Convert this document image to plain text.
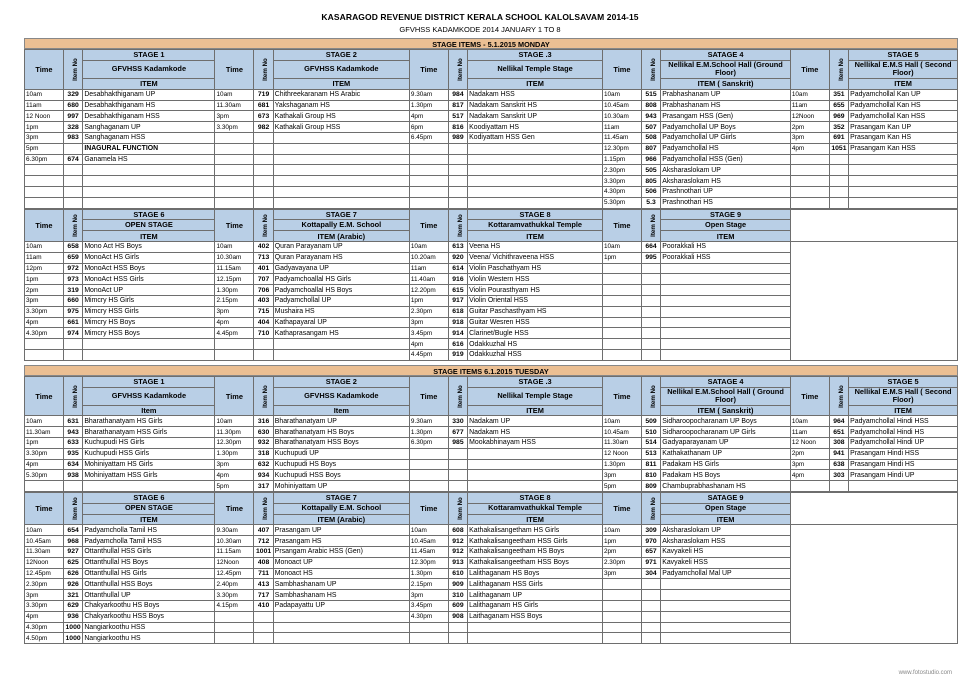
KASARAGOD REVENUE DISTRICT KERALA SCHOOL KALOLSAVAM 2014-15
GFVHSS KADAMKODE 2014 JANUARY 1 TO 8
STAGE ITEMS - 5.1.2015 MONDAY
Time	Item No	STAGE 1	Time	Item No	STAGE 2	Time	Item No	STAGE .3	Time	Item No	SATAGE 4	Time	Item No	STAGE 5
		GFVHSS Kadamkode			GFVHSS Kadamkode			Nellikal Temple Stage			Nellikal E.M.School Hall (Ground Floor)			Nellikal E.M.S Hall ( Second Floor)
		ITEM			ITEM			ITEM			ITEM ( Sanskrit)			ITEM
10am	329	Desabhakthiganam UP	10am	719	Chithreekaranam HS Arabic	9.30am	984	Nadakam HSS	10am	515	Prabhashanam UP	10am	351	Padyamchollal Kan UP
11am	680	Desabhakthiganam HS	11.30am	681	Yakshaganam HS	1.30pm	817	Nadakam Sanskrit HS	10.45am	808	Prabhashanam HS	11am	655	Padyamchollal Kan HS
12 Noon	997	Desabhakthiganam HSS	3pm	673	Kathakali Group HS	4pm	517	Nadakam Sanskrit UP	10.30am	943	Prasangam HSS (Gen)	12Noon	969	Padyamchollal Kan HSS
1pm	328	Sanghaganam UP	3.30pm	982	Kathakali Group HSS	6pm	816	Koodiyattam HS	11am	507	Padyamchollal UP Boys	2pm	352	Prasangam Kan UP
3pm	983	Sanghaganam HSS				6.45pm	989	Kodiyattam HSS Gen	11.45am	508	Padyamchollal UP Giirls	3pm	691	Prasangam Kan HS
5pm		INAGURAL FUNCTION							12.30pm	807	Padyamchollal HS	4pm	1051	Prasangam Kan HSS
6.30pm	674	Ganamela HS							1.15pm	966	Padyamchollal HSS (Gen)			
									2.30pm	505	Aksharaslokam UP			
									3.30pm	805	Aksharaslokam HS			
									4.30pm	506	Prashnothari UP			
									5.30pm	5.3	Prashnothari HS			
Time	Item No	STAGE 6	Time	Item No	STAGE 7	Time	Item No	STAGE 8	Time	Item No	STAGE 9	
		OPEN STAGE			Kottapally E.M. School			Kottaramvathukkal Temple			Open Stage	
		ITEM			ITEM (Arabic)			ITEM			ITEM	
10am	658	Mono Act HS Boys	10am	402	Quran Parayanam UP	10am	613	Veena HS	10am	664	Poorakkali HS	
11am	659	MonoAct HS Girls	10.30am	713	Quran Parayanam HS	10.20am	920	Veena/ Vichithraveena HSS	1pm	995	Poorakkali HSS	
12pm	972	MonoAct HSS Boys	11.15am	401	Gadyavayana UP	11am	614	Violin Paschathyam HS				
1pm	973	MonoAct HSS Girls	12.15pm	707	Padyamchoallal HS Girls	11.40am	916	Violin Western HSS				
2pm	319	MonoAct UP	1.30pm	706	Padyamchoallal HS Boys	12.20pm	615	Violin Pourasthyam HS				
3pm	660	Mimcry HS Girls	2.15pm	403	Padyamchollal UP	1pm	917	Violin Oriental HSS				
3.30pm	975	Mimcry HSS Girls	3pm	715	Mushaira HS	2.30pm	618	Guitar Paschasthyam HS				
4pm	661	Mimcry HS Boys	4pm	404	Kathapayaral UP	3pm	918	Guitar Wesren HSS				
4.30pm	974	Mimcry HSS Boys	4.45pm	710	Kathaprasangam HS	3.45pm	914	Clarinet/Bugle HSS				
						4pm	616	Odakkuzhal HS				
						4.45pm	919	Odakkuzhal HSS				
STAGE ITEMS 6.1.2015 TUESDAY
Time	Item No	STAGE 1	Time	Item No	STAGE 2	Time	Item No	STAGE .3	Time	Item No	SATAGE 4	Time	Item No	STAGE 5
		GFVHSS Kadamkode			GFVHSS Kadamkode			Nellikal Temple Stage			Nellikal E.M.School Hall ( Ground Floor)			Nellikal E.M.S Hall ( Second Floor)
		Item			Item			ITEM			ITEM ( Sanskrit)			ITEM
10am	631	Bharathanatyam HS Girls	10am	316	Bharathanatyam UP	9.30am	330	Nadakam UP	10am	509	Sidharoopocharanam UP Boys	10am	964	Padyamchollal Hindi HSS
11.30am	943	Bharathanatyam HSS Girls	11.30pm	630	Bharathanatyam HS Boys	1.30pm	677	Nadakam HS	10.45am	510	Sidharoopocharanam UP Girls	11am	651	Padyamchollal Hindi HS
1pm	633	Kuchupudi HS Girls	12.30pm	932	Bharathanatyam HSS Boys	6.30pm	985	Mookabhinayam HSS	11.30am	514	Gadyaparayanam UP	12 Noon	308	Padyamchollal Hindi UP
3.30pm	935	Kuchupudi HSS Girls	1.30pm	318	Kuchupudi UP				12 Noon	513	Kathakathanam UP	2pm	941	Prasangam Hindi HSS
4pm	634	Mohiniyattam HS Girls	3pm	632	Kuchupudi HS Boys				1.30pm	811	Padakam HS Girls	3pm	638	Prasangam Hindi HS
5.30pm	938	Mohiniyattam HSS Girls	4pm	934	Kuchupudi HSS Boys				3pm	810	Padakam HS Boys	4pm	303	Prasangam Hindi UP
			5pm	317	Mohiniyattam UP				5pm	809	Chambuprabhashanam HS			
Time	Item No	STAGE 6	Time	Item No	STAGE 7	Time	Item No	STAGE 8	Time	Item No	SATAGE 9	
		OPEN STAGE			Kottapally E.M. School			Kottaramvathukkal Temple			Open Stage	
		ITEM			ITEM (Arabic)			ITEM			ITEM	
10am	654	Padyamcholla Tamil HS	9.30am	407	Prasangam UP	10am	608	Kathakalisangetham HS Girls	10am	309	Aksharaslokam UP	
10.45am	968	Padyamcholla Tamil HSS	10.30am	712	Prasangam HS	10.45am	912	Kathakalisangeetham HSS Girls	1pm	970	Aksharaslokam HSS	
11.30am	927	Ottanthullal HSS Girls	11.15am	1001	Prsangam Arabic HSS (Gen)	11.45am	912	Kathakalisangeetham HS Boys	2pm	657	Kavyakeli HS	
12Noon	625	Ottanthullal HS Boys	12Noon	408	Monoact UP	12.30pm	913	Kathakalisangeetham HSS Boys	2.30pm	971	Kavyakeli HSS	
12.45pm	626	Ottanthullal HS Girls	12.45pm	711	Monoact HS	1.30pm	610	Lalithaganam HS Boys	3pm	304	Padyamchollal Mal UP	
2.30pm	926	Ottanthullal HSS Boys	2.40pm	413	Sambhashanam UP	2.15pm	909	Lalithaganam HSS Girls				
3pm	321	Ottanthullal UP	3.30pm	717	Sambhashanam HS	3pm	310	Lalithaganam UP				
3.30pm	629	Chakyarkoothu HS Boys	4.15pm	410	Padapayattu UP	3.45pm	609	Lalithaganam HS Girls				
4pm	936	Chakyarkoothu HSS Boys				4.30pm	908	Laithaganam HSS Boys				
4.30pm	1000	Nangiarkoothu HSS										
4.50pm	1000	Nangiarkoothu HS										
www.fotostudio.com
